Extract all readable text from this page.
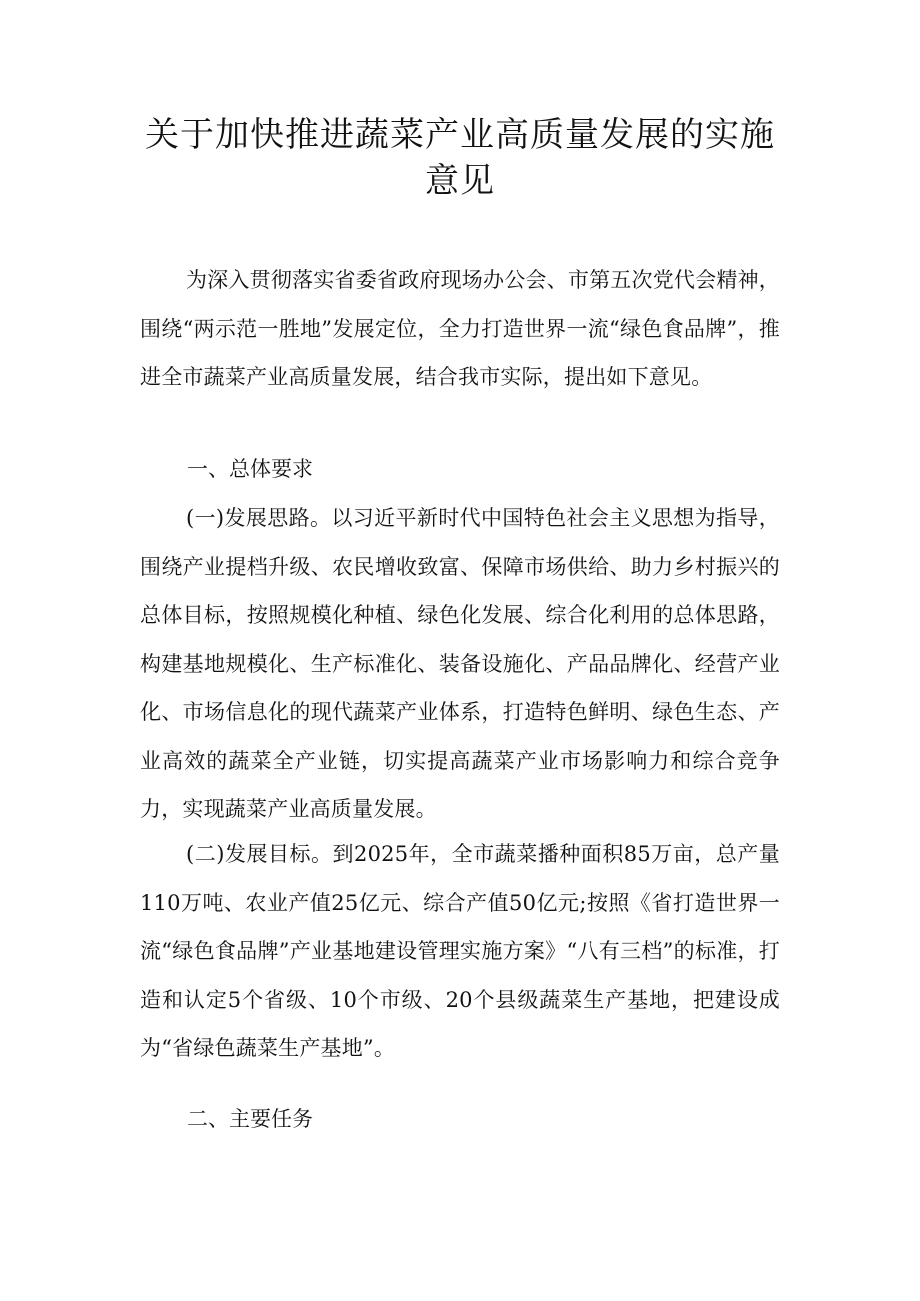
关于加快推进蔬菜产业高质量发展的实施意见

为深入贯彻落实省委省政府现场办公会、市第五次党代会精神，围绕“两示范一胜地”发展定位，全力打造世界一流“绿色食品牌”，推进全市蔬菜产业高质量发展，结合我市实际，提出如下意见。

一、总体要求

(一)发展思路。以习近平新时代中国特色社会主义思想为指导，围绕产业提档升级、农民增收致富、保障市场供给、助力乡村振兴的总体目标，按照规模化种植、绿色化发展、综合化利用的总体思路，构建基地规模化、生产标准化、装备设施化、产品品牌化、经营产业化、市场信息化的现代蔬菜产业体系，打造特色鲜明、绿色生态、产业高效的蔬菜全产业链，切实提高蔬菜产业市场影响力和综合竞争力，实现蔬菜产业高质量发展。

(二)发展目标。到2025年，全市蔬菜播种面积85万亩，总产量110万吨、农业产值25亿元、综合产值50亿元;按照《省打造世界一流“绿色食品牌”产业基地建设管理实施方案》“八有三档”的标准，打造和认定5个省级、10个市级、20个县级蔬菜生产基地，把建设成为“省绿色蔬菜生产基地”。

二、主要任务
